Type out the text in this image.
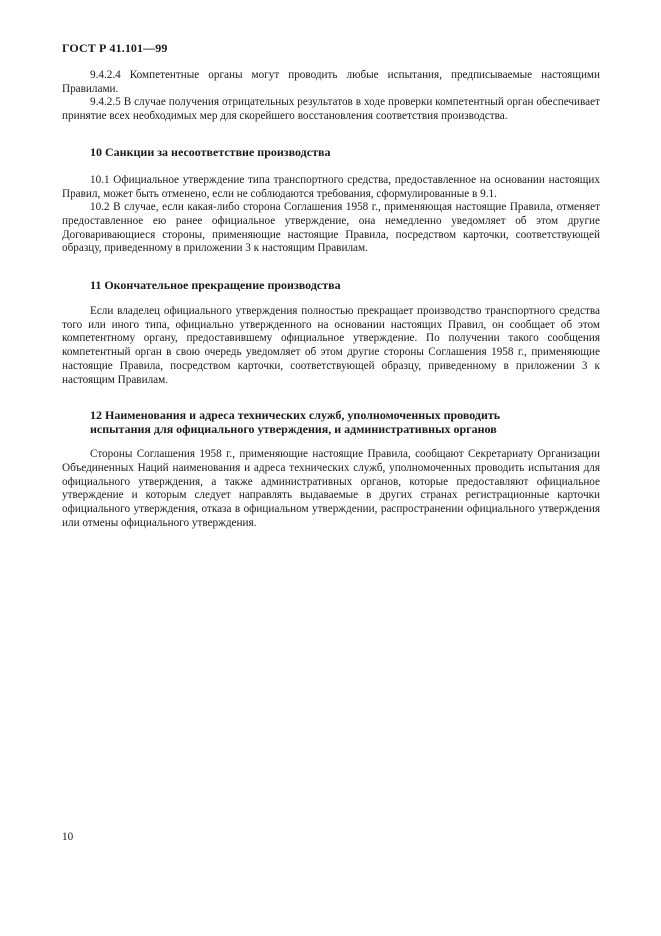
ГОСТ Р 41.101—99

9.4.2.4 Компетентные органы могут проводить любые испытания, предписываемые настоящими Правилами.

9.4.2.5 В случае получения отрицательных результатов в ходе проверки компетентный орган обеспечивает принятие всех необходимых мер для скорейшего восстановления соответствия производства.

10 Санкции за несоответствие производства

10.1 Официальное утверждение типа транспортного средства, предоставленное на основании настоящих Правил, может быть отменено, если не соблюдаются требования, сформулированные в 9.1.

10.2 В случае, если какая-либо сторона Соглашения 1958 г., применяющая настоящие Правила, отменяет предоставленное ею ранее официальное утверждение, она немедленно уведомляет об этом другие Договаривающиеся стороны, применяющие настоящие Правила, посредством карточки, соответствующей образцу, приведенному в приложении 3 к настоящим Правилам.

11 Окончательное прекращение производства

Если владелец официального утверждения полностью прекращает производство транспортного средства того или иного типа, официально утвержденного на основании настоящих Правил, он сообщает об этом компетентному органу, предоставившему официальное утверждение. По получении такого сообщения компетентный орган в свою очередь уведомляет об этом другие стороны Соглашения 1958 г., применяющие настоящие Правила, посредством карточки, соответствующей образцу, приведенному в приложении 3 к настоящим Правилам.

12 Наименования и адреса технических служб, уполномоченных проводить
испытания для официального утверждения, и административных органов

Стороны Соглашения 1958 г., применяющие настоящие Правила, сообщают Секретариату Организации Объединенных Наций наименования и адреса технических служб, уполномоченных проводить испытания для официального утверждения, а также административных органов, которые предоставляют официальное утверждение и которым следует направлять выдаваемые в других странах регистрационные карточки официального утверждения, отказа в официальном утверждении, распространении официального утверждения или отмены официального утверждения.

10
